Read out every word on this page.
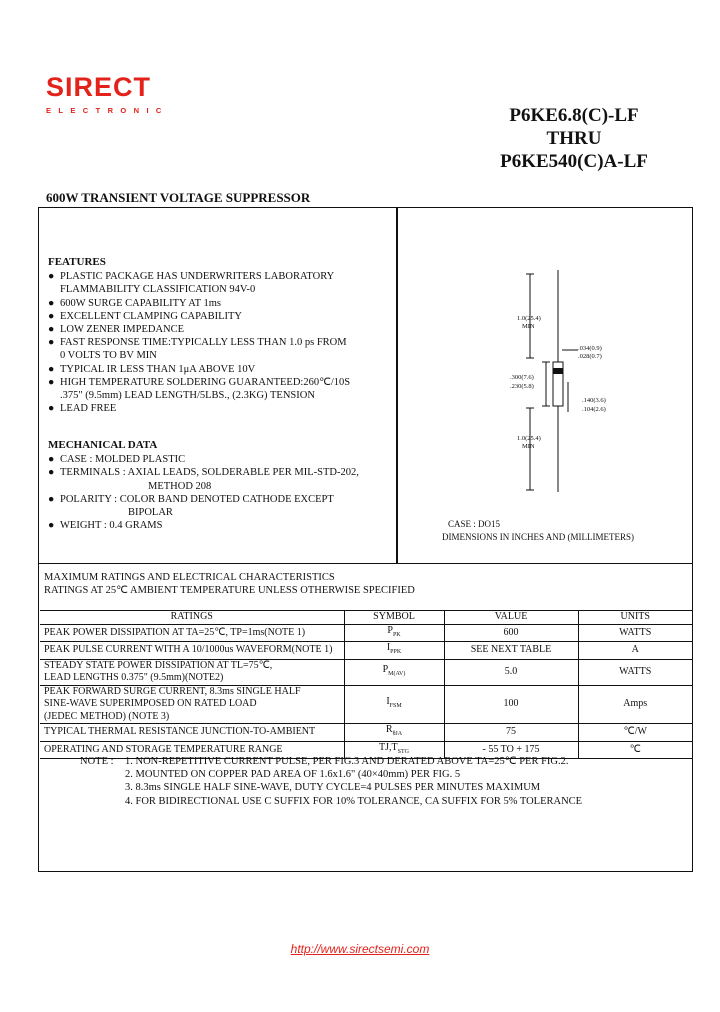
SIRECT
ELECTRONIC	P6KE6.8(C)-LF
THRU
P6KE540(C)A-LF
600W TRANSIENT VOLTAGE SUPPRESSOR
FEATURES
● PLASTIC PACKAGE HAS UNDERWRITERS LABORATORY
FLAMMABILITY CLASSIFICATION 94V-0
● 600W SURGE CAPABILITY AT 1ms
● EXCELLENT CLAMPING CAPABILITY
● LOW ZENER IMPEDANCE
● FAST RESPONSE TIME:TYPICALLY LESS THAN 1.0 ps FROM
0 VOLTS TO BV MIN
● TYPICAL IR LESS THAN 1μA ABOVE 10V
● HIGH TEMPERATURE SOLDERING GUARANTEED:260℃/10S
.375" (9.5mm) LEAD LENGTH/5LBS., (2.3KG) TENSION
● LEAD FREE
MECHANICAL DATA
● CASE : MOLDED PLASTIC
● TERMINALS : AXIAL LEADS, SOLDERABLE PER MIL-STD-202,
METHOD 208
● POLARITY : COLOR BAND DENOTED CATHODE EXCEPT
BIPOLAR
● WEIGHT : 0.4 GRAMS
1.0(25.4)
MIN
.034(0.9)
.028(0.7)
.300(7.6)
.230(5.8)
.140(3.6)
.104(2.6)
1.0(25.4)
MIN
CASE : DO15
DIMENSIONS IN INCHES AND (MILLIMETERS)
MAXIMUM RATINGS AND ELECTRICAL CHARACTERISTICS
RATINGS AT 25℃ AMBIENT TEMPERATURE UNLESS OTHERWISE SPECIFIED
RATINGS	SYMBOL	VALUE	UNITS
PEAK POWER DISSIPATION AT TA=25℃, TP=1ms(NOTE 1)	$P_{PK}$	600	WATTS
PEAK PULSE CURRENT WITH A 10/1000us WAVEFORM(NOTE 1)	$I_{PPK}$	SEE NEXT TABLE	A

STEADY STATE POWER DISSIPATION AT TL=75℃,
LEAD LENGTHS 0.375" (9.5mm)(NOTE2)	$P_{M(AV)}$	5.0	WATTS

PEAK FORWARD SURGE CURRENT, 8.3ms SINGLE HALF
SINE-WAVE SUPERIMPOSED ON RATED LOAD
(JEDEC METHOD) (NOTE 3)	$I_{FSM}$	100	Amps
TYPICAL THERMAL RESISTANCE JUNCTION-TO-AMBIENT	$R_{\theta JA}$	75	℃/W
OPERATING AND STORAGE TEMPERATURE RANGE	$TJ,T_{STG}$	- 55 TO + 175	℃
NOTE :	1. NON-REPETITIVE CURRENT PULSE, PER FIG.3 AND DERATED ABOVE TA=25℃ PER FIG.2.
2. MOUNTED ON COPPER PAD AREA OF 1.6x1.6" (40×40mm) PER FIG. 5
3. 8.3ms SINGLE HALF SINE-WAVE, DUTY CYCLE=4 PULSES PER MINUTES MAXIMUM
4. FOR BIDIRECTIONAL USE C SUFFIX FOR 10% TOLERANCE, CA SUFFIX FOR 5% TOLERANCE
http://www.sirectsemi.com
